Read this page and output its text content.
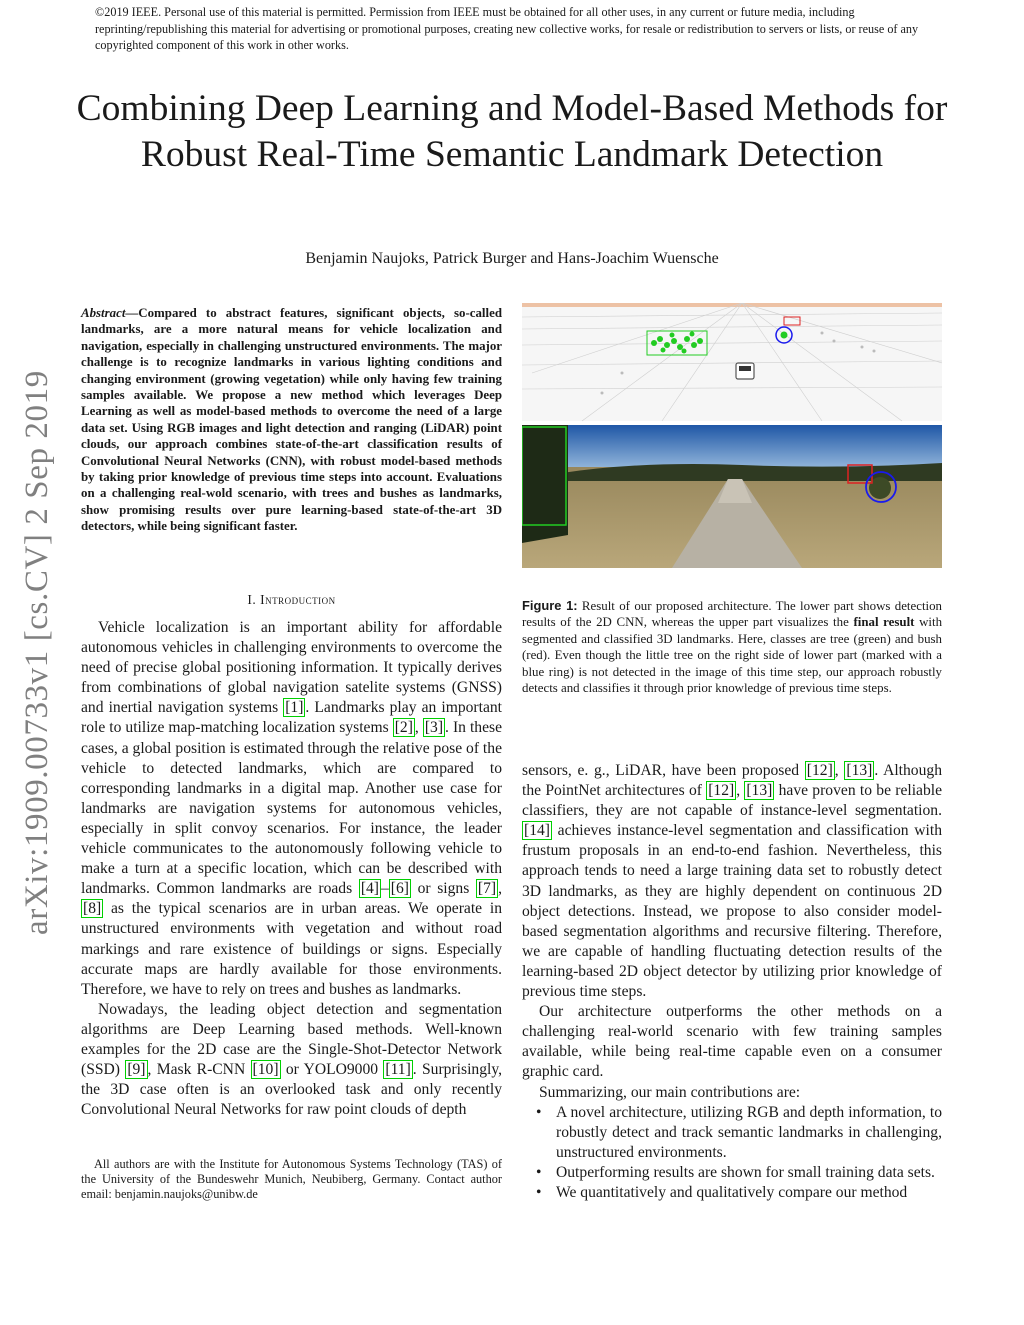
©2019 IEEE. Personal use of this material is permitted. Permission from IEEE must be obtained for all other uses, in any current or future media, including reprinting/republishing this material for advertising or promotional purposes, creating new collective works, for resale or redistribution to servers or lists, or reuse of any copyrighted component of this work in other works.
Combining Deep Learning and Model-Based Methods for Robust Real-Time Semantic Landmark Detection
Benjamin Naujoks, Patrick Burger and Hans-Joachim Wuensche
arXiv:1909.00733v1 [cs.CV] 2 Sep 2019
Abstract—Compared to abstract features, significant objects, so-called landmarks, are a more natural means for vehicle localization and navigation, especially in challenging unstructured environments. The major challenge is to recognize landmarks in various lighting conditions and changing environment (growing vegetation) while only having few training samples available. We propose a new method which leverages Deep Learning as well as model-based methods to overcome the need of a large data set. Using RGB images and light detection and ranging (LiDAR) point clouds, our approach combines state-of-the-art classification results of Convolutional Neural Networks (CNN), with robust model-based methods by taking prior knowledge of previous time steps into account. Evaluations on a challenging real-wold scenario, with trees and bushes as landmarks, show promising results over pure learning-based state-of-the-art 3D detectors, while being significant faster.
I. Introduction

Vehicle localization is an important ability for affordable autonomous vehicles in challenging environments to overcome the need of precise global positioning information. It typically derives from combinations of global navigation satelite systems (GNSS) and inertial navigation systems [1] . Landmarks play an important role to utilize map-matching localization systems [2] , [3] . In these cases, a global position is estimated through the relative pose of the vehicle to detected landmarks, which are compared to corresponding landmarks in a digital map. Another use case for landmarks are navigation systems for autonomous vehicles, especially in split convoy scenarios. For instance, the leader vehicle communicates to the autonomously following vehicle to make a turn at a specific location, which can be described with landmarks. Common landmarks are roads [4] – [6] or signs [7] , [8] as the typical scenarios are in urban areas. We operate in unstructured environments with vegetation and without road markings and rare existence of buildings or signs. Especially accurate maps are hardly available for those environments. Therefore, we have to rely on trees and bushes as landmarks.

Nowadays, the leading object detection and segmentation algorithms are Deep Learning based methods. Well-known examples for the 2D case are the Single-Shot-Detector Network (SSD) [9] , Mask R-CNN [10] or YOLO9000 [11] . Surprisingly, the 3D case often is an overlooked task and only recently Convolutional Neural Networks for raw point clouds of depth

All authors are with the Institute for Autonomous Systems Technology (TAS) of the University of the Bundeswehr Munich, Neubiberg, Germany. Contact author email: benjamin.naujoks@unibw.de

Figure 1: Result of our proposed architecture. The lower part shows detection results of the 2D CNN, whereas the upper part visualizes the final result with segmented and classified 3D landmarks. Here, classes are tree (green) and bush (red). Even though the little tree on the right side of lower part (marked with a blue ring) is not detected in the image of this time step, our approach robustly detects and classifies it through prior knowledge of previous time steps.

sensors, e. g., LiDAR, have been proposed [12] , [13] . Although the PointNet architectures of [12] , [13] have proven to be reliable classifiers, they are not capable of instance-level segmentation. [14] achieves instance-level segmentation and classification with frustum proposals in an end-to-end fashion. Nevertheless, this approach tends to need a large training data set to robustly detect 3D landmarks, as they are highly dependent on continuous 2D object detections. Instead, we propose to also consider model-based segmentation algorithms and recursive filtering. Therefore, we are capable of handling fluctuating detection results of the learning-based 2D object detector by utilizing prior knowledge of previous time steps.

Our architecture outperforms the other methods on a challenging real-world scenario with few training samples available, while being real-time capable even on a consumer graphic card.

Summarizing, our main contributions are:

• A novel architecture, utilizing RGB and depth information, to robustly detect and track semantic landmarks in challenging, unstructured environments.
• Outperforming results are shown for small training data sets.
• We quantitatively and qualitatively compare our method
